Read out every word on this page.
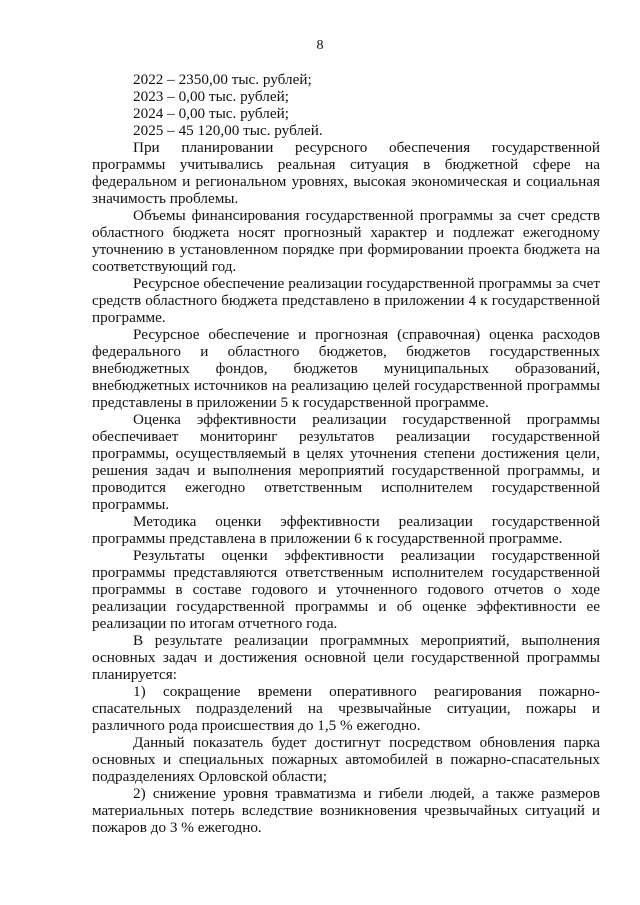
8

2022 – 2350,00 тыс. рублей;

2023 – 0,00 тыс. рублей;

2024 – 0,00 тыс. рублей;

2025 – 45 120,00 тыс. рублей.

При планировании ресурсного обеспечения государственной программы учитывались реальная ситуация в бюджетной сфере на федеральном и региональном уровнях, высокая экономическая и социальная значимость проблемы.

Объемы финансирования государственной программы за счет средств областного бюджета носят прогнозный характер и подлежат ежегодному уточнению в установленном порядке при формировании проекта бюджета на соответствующий год.

Ресурсное обеспечение реализации государственной программы за счет средств областного бюджета представлено в приложении 4 к государственной программе.

Ресурсное обеспечение и прогнозная (справочная) оценка расходов федерального и областного бюджетов, бюджетов государственных внебюджетных фондов, бюджетов муниципальных образований, внебюджетных источников на реализацию целей государственной программы представлены в приложении 5 к государственной программе.

Оценка эффективности реализации государственной программы обеспечивает мониторинг результатов реализации государственной программы, осуществляемый в целях уточнения степени достижения цели, решения задач и выполнения мероприятий государственной программы, и проводится ежегодно ответственным исполнителем государственной программы.

Методика оценки эффективности реализации государственной программы представлена в приложении 6 к государственной программе.

Результаты оценки эффективности реализации государственной программы представляются ответственным исполнителем государственной программы в составе годового и уточненного годового отчетов о ходе реализации государственной программы и об оценке эффективности ее реализации по итогам отчетного года.

В результате реализации программных мероприятий, выполнения основных задач и достижения основной цели государственной программы планируется:

1) сокращение времени оперативного реагирования пожарно-спасательных подразделений на чрезвычайные ситуации, пожары и различного рода происшествия до 1,5 % ежегодно.

Данный показатель будет достигнут посредством обновления парка основных и специальных пожарных автомобилей в пожарно-спасательных подразделениях Орловской области;

2) снижение уровня травматизма и гибели людей, а также размеров материальных потерь вследствие возникновения чрезвычайных ситуаций и пожаров до 3 % ежегодно.
